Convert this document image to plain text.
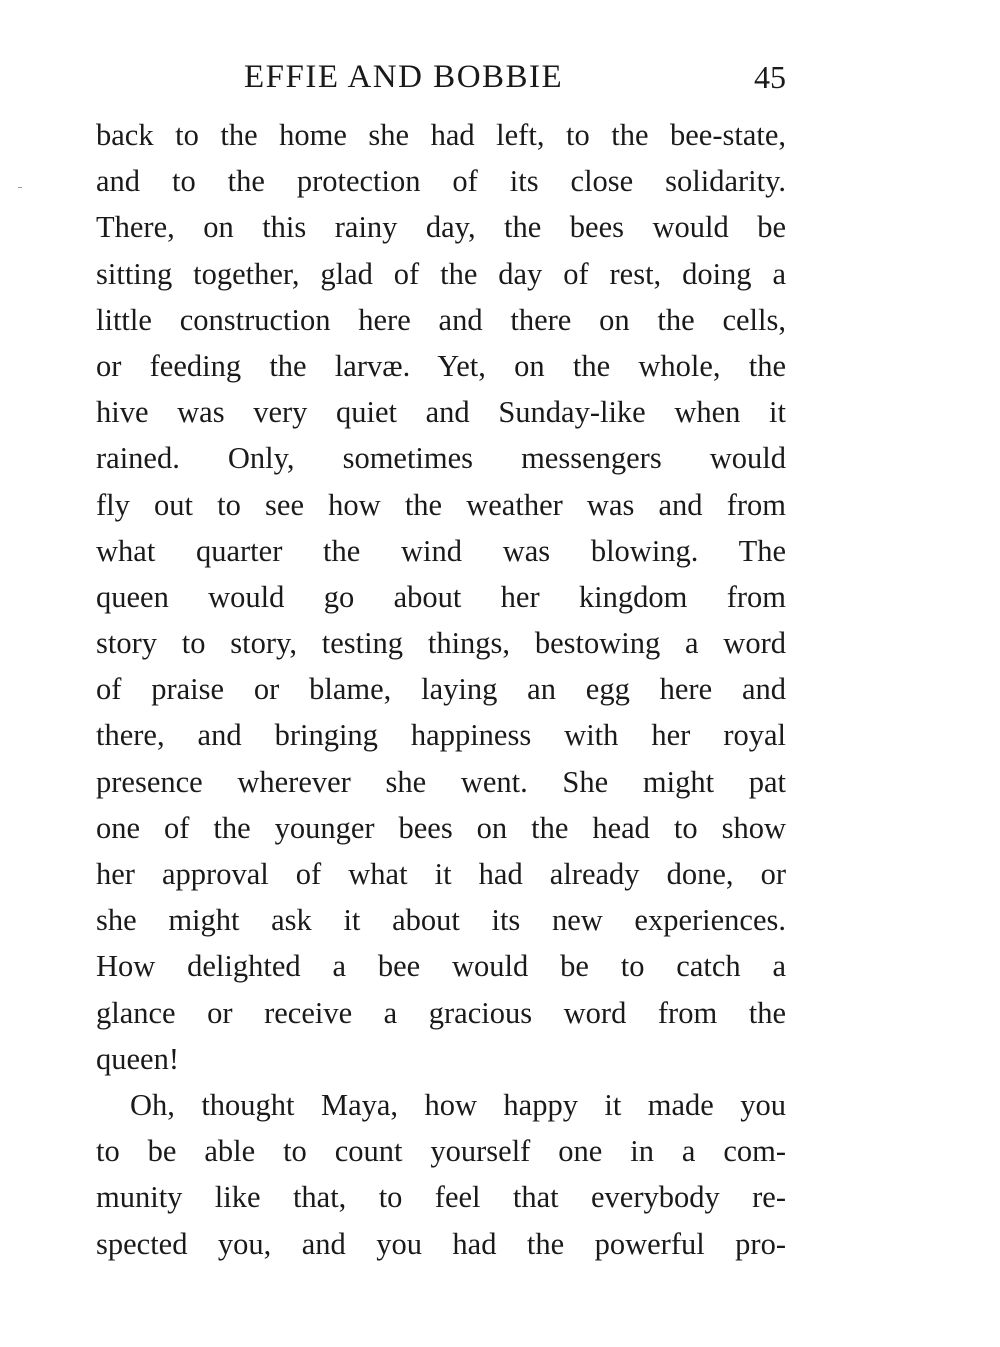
EFFIE AND BOBBIE	45
back to the home she had left, to the bee-state,
and to the protection of its close solidarity.
There, on this rainy day, the bees would be
sitting together, glad of the day of rest, doing a
little construction here and there on the cells,
or feeding the larvæ. Yet, on the whole, the
hive was very quiet and Sunday-like when it
rained. Only, sometimes messengers would
fly out to see how the weather was and from
what quarter the wind was blowing. The
queen would go about her kingdom from
story to story, testing things, bestowing a word
of praise or blame, laying an egg here and
there, and bringing happiness with her royal
presence wherever she went. She might pat
one of the younger bees on the head to show
her approval of what it had already done, or
she might ask it about its new experiences.
How delighted a bee would be to catch a
glance or receive a gracious word from the
queen!
Oh, thought Maya, how happy it made you
to be able to count yourself one in a com-
munity like that, to feel that everybody re-
spected you, and you had the powerful pro-
